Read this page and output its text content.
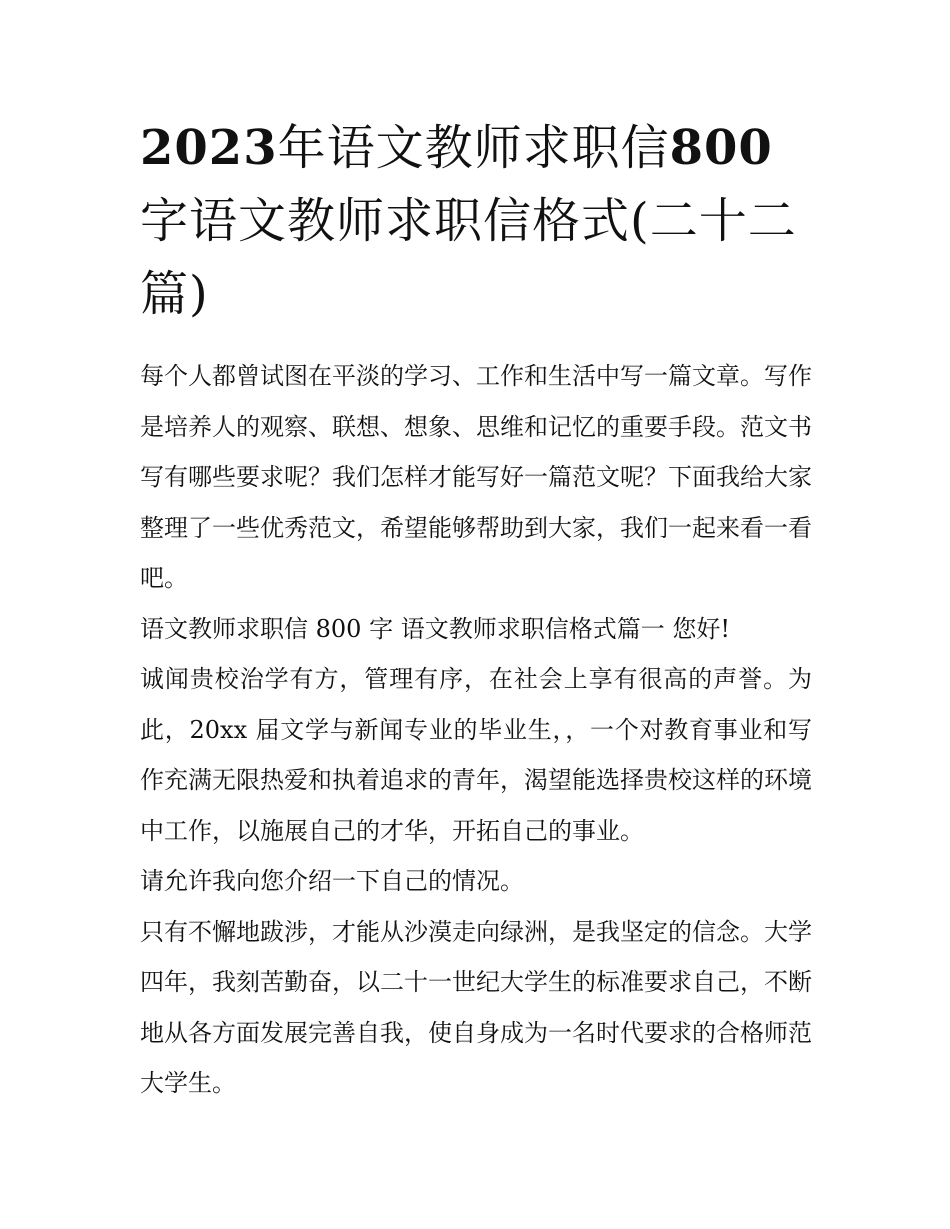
2023年语文教师求职信800字语文教师求职信格式(二十二篇)

每个人都曾试图在平淡的学习、工作和生活中写一篇文章。写作是培养人的观察、联想、想象、思维和记忆的重要手段。范文书写有哪些要求呢？我们怎样才能写好一篇范文呢？下面我给大家整理了一些优秀范文，希望能够帮助到大家，我们一起来看一看吧。

语文教师求职信 800 字 语文教师求职信格式篇一 您好!

诚闻贵校治学有方，管理有序，在社会上享有很高的声誉。为此，20xx 届文学与新闻专业的毕业生，，一个对教育事业和写作充满无限热爱和执着追求的青年，渴望能选择贵校这样的环境中工作，以施展自己的才华，开拓自己的事业。

请允许我向您介绍一下自己的情况。

只有不懈地跋涉，才能从沙漠走向绿洲，是我坚定的信念。大学四年，我刻苦勤奋，以二十一世纪大学生的标准要求自己，不断地从各方面发展完善自我，使自身成为一名时代要求的合格师范大学生。
